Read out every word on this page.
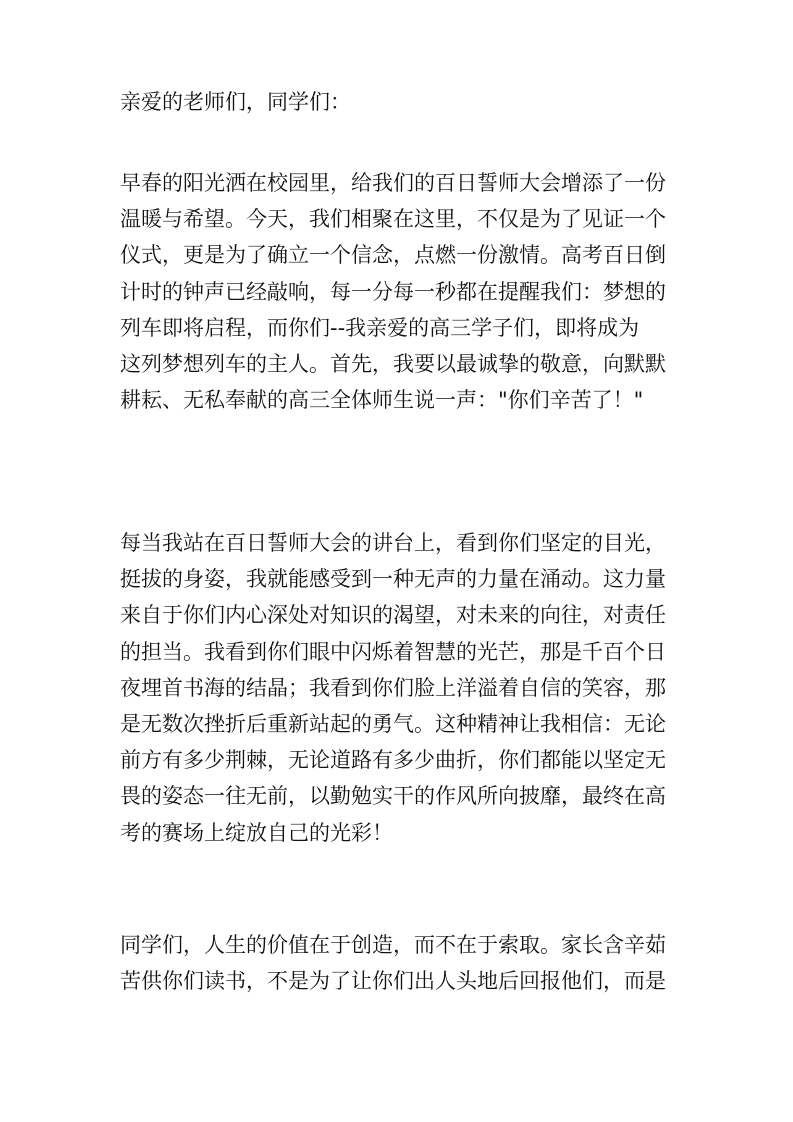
亲爱的老师们，同学们：
早春的阳光洒在校园里，给我们的百日誓师大会增添了一份
温暖与希望。今天，我们相聚在这里，不仅是为了见证一个
仪式，更是为了确立一个信念，点燃一份激情。高考百日倒
计时的钟声已经敲响，每一分每一秒都在提醒我们：梦想的
列车即将启程，而你们--我亲爱的高三学子们，即将成为
这列梦想列车的主人。首先，我要以最诚挚的敬意，向默默
耕耘、无私奉献的高三全体师生说一声："你们辛苦了！"
每当我站在百日誓师大会的讲台上，看到你们坚定的目光，
挺拔的身姿，我就能感受到一种无声的力量在涌动。这力量
来自于你们内心深处对知识的渴望，对未来的向往，对责任
的担当。我看到你们眼中闪烁着智慧的光芒，那是千百个日
夜埋首书海的结晶；我看到你们脸上洋溢着自信的笑容，那
是无数次挫折后重新站起的勇气。这种精神让我相信：无论
前方有多少荆棘，无论道路有多少曲折，你们都能以坚定无
畏的姿态一往无前，以勤勉实干的作风所向披靡，最终在高
考的赛场上绽放自己的光彩！
同学们，人生的价值在于创造，而不在于索取。家长含辛茹
苦供你们读书，不是为了让你们出人头地后回报他们，而是
